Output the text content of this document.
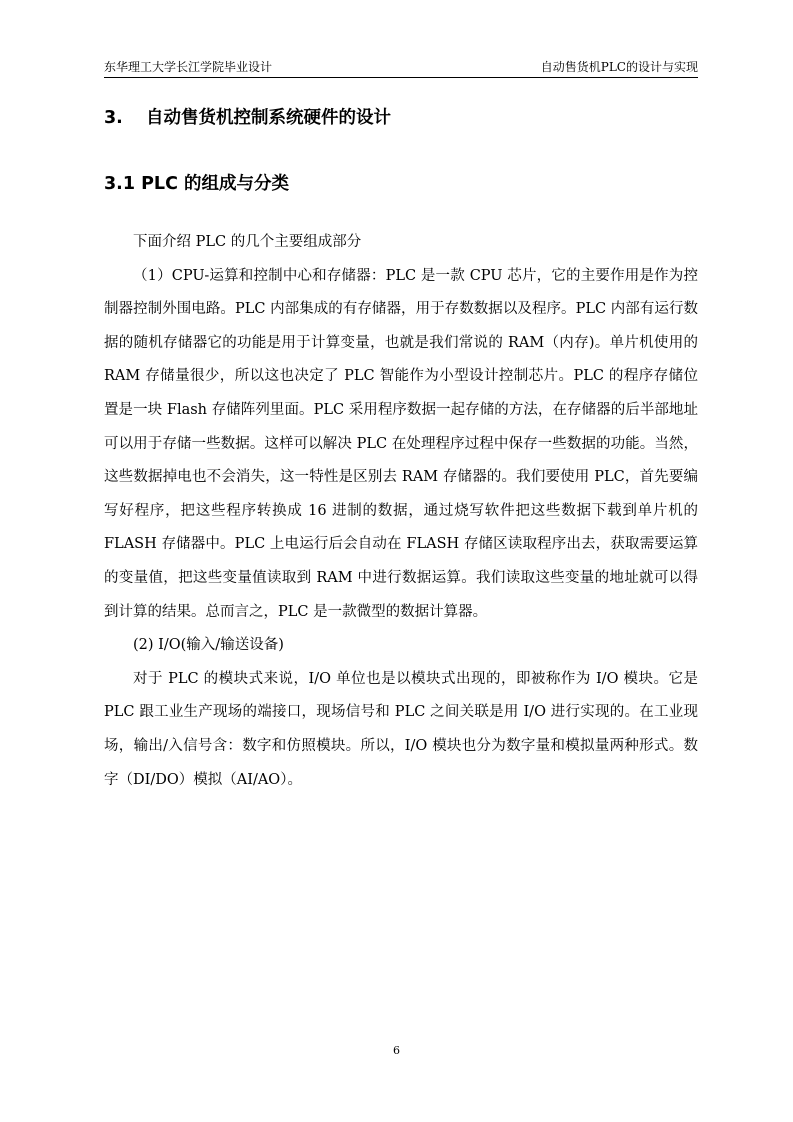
东华理工大学长江学院毕业设计	自动售货机PLC的设计与实现
3. 自动售货机控制系统硬件的设计
3.1 PLC 的组成与分类

下面介绍 PLC 的几个主要组成部分

（1）CPU-运算和控制中心和存储器：PLC 是一款 CPU 芯片，它的主要作用是作为控制器控制外围电路。PLC 内部集成的有存储器，用于存数数据以及程序。PLC 内部有运行数据的随机存储器它的功能是用于计算变量，也就是我们常说的 RAM（内存)。单片机使用的 RAM 存储量很少，所以这也决定了 PLC 智能作为小型设计控制芯片。PLC 的程序存储位置是一块 Flash 存储阵列里面。PLC 采用程序数据一起存储的方法，在存储器的后半部地址可以用于存储一些数据。这样可以解决 PLC 在处理程序过程中保存一些数据的功能。当然，这些数据掉电也不会消失，这一特性是区别去 RAM 存储器的。我们要使用 PLC，首先要编写好程序，把这些程序转换成 16 进制的数据，通过烧写软件把这些数据下载到单片机的 FLASH 存储器中。PLC 上电运行后会自动在 FLASH 存储区读取程序出去，获取需要运算的变量值，把这些变量值读取到 RAM 中进行数据运算。我们读取这些变量的地址就可以得到计算的结果。总而言之，PLC 是一款微型的数据计算器。

(2) I/O(输入/输送设备)

对于 PLC 的模块式来说，I/O 单位也是以模块式出现的，即被称作为 I/O 模块。它是 PLC 跟工业生产现场的端接口，现场信号和 PLC 之间关联是用 I/O 进行实现的。在工业现场，输出/入信号含：数字和仿照模块。所以，I/O 模块也分为数字量和模拟量两种形式。数字（DI/DO）模拟（AI/AO）。

6
